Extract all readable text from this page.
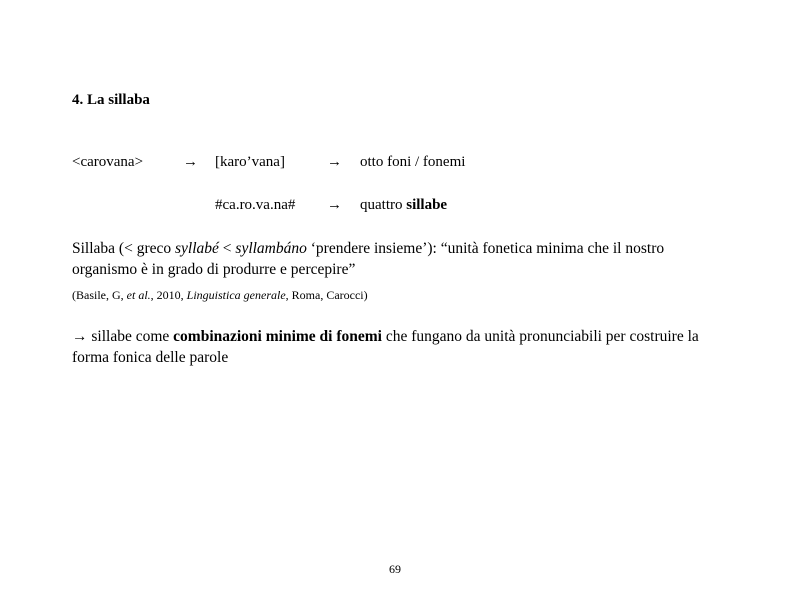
4. La sillaba
<carovana>	→ [karo’vana]	→ otto foni / fonemi
#ca.ro.va.na# → quattro sillabe
Sillaba (< greco syllabé < syllambáno ‘prendere insieme’): “unità fonetica minima che il nostro organismo è in grado di produrre e percepire”
(Basile, G, et al., 2010, Linguistica generale, Roma, Carocci)
→ sillabe come combinazioni minime di fonemi che fungano da unità pronunciabili per costruire la forma fonica delle parole
69
